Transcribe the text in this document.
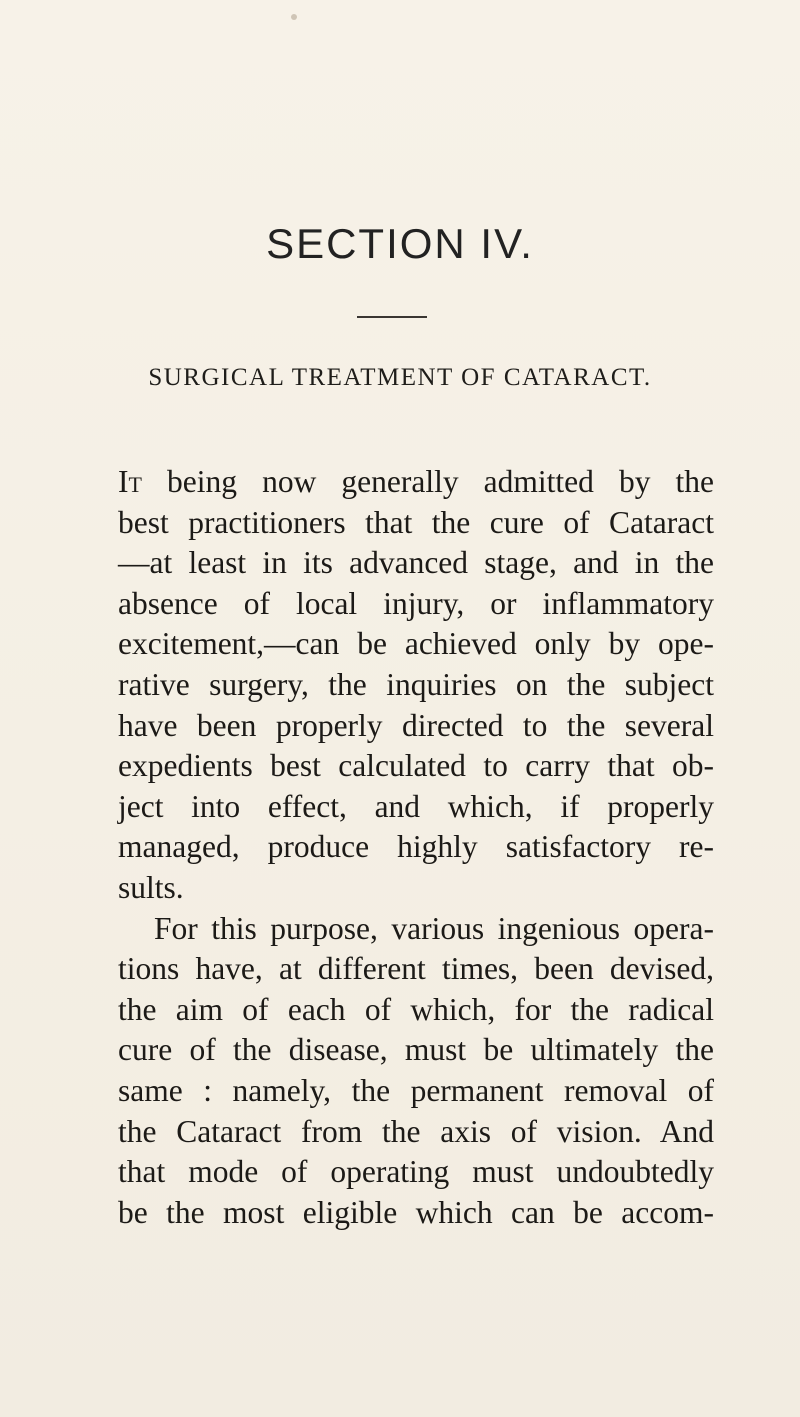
SECTION IV.
SURGICAL TREATMENT OF CATARACT.
It being now generally admitted by the
best practitioners that the cure of Cataract
—at least in its advanced stage, and in the
absence of local injury, or inflammatory
excitement,—can be achieved only by ope-
rative surgery, the inquiries on the subject
have been properly directed to the several
expedients best calculated to carry that ob-
ject into effect, and which, if properly
managed, produce highly satisfactory re-
sults.
For this purpose, various ingenious opera-
tions have, at different times, been devised,
the aim of each of which, for the radical
cure of the disease, must be ultimately the
same : namely, the permanent removal of
the Cataract from the axis of vision. And
that mode of operating must undoubtedly
be the most eligible which can be accom-
